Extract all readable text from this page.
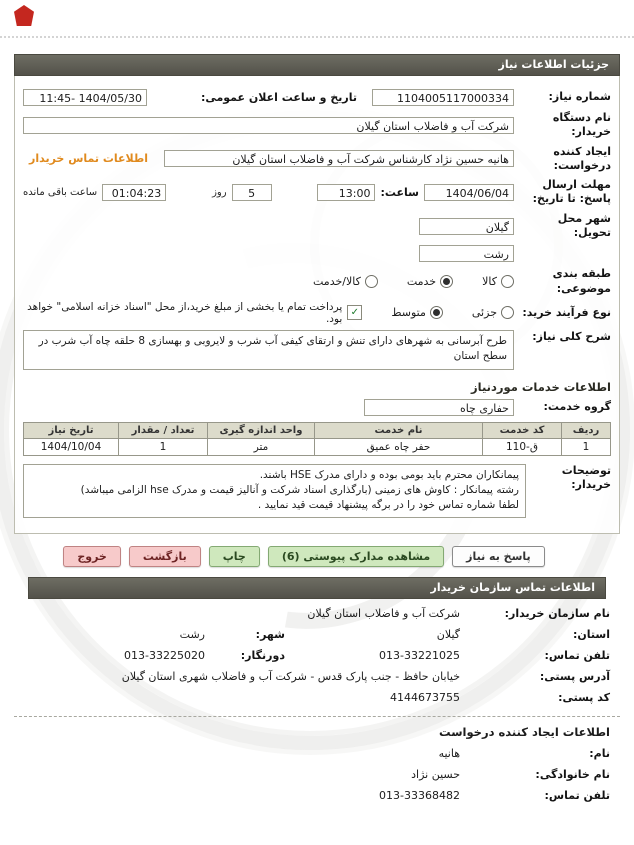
جزئیات اطلاعات نیاز
شماره نیاز:
1104005117000334
تاریخ و ساعت اعلان عمومی:
1404/05/30 -11:45
نام دستگاه خریدار:
شرکت آب و فاضلاب استان گیلان
ایجاد کننده درخواست:
هانیه حسین نژاد کارشناس شرکت آب و فاضلاب استان گیلان
اطلاعات تماس خریدار
مهلت ارسال پاسخ: تا تاریخ:
1404/06/04
ساعت:
13:00
5
روز
01:04:23
ساعت باقی مانده
شهر محل تحویل:
گیلان
رشت
طبقه بندی موضوعی:
کالا
خدمت
کالا/خدمت
نوع فرآیند خرید:
جزئی
متوسط
✓
پرداخت تمام یا بخشی از مبلغ خرید،از محل "اسناد خزانه اسلامی" خواهد بود.
شرح کلی نیاز:
طرح آبرسانی به شهرهای دارای تنش و ارتقای کیفی آب شرب و لایروبی و بهسازی 8 حلقه چاه آب شرب در سطح استان
اطلاعات خدمات موردنیاز
گروه خدمت:
حفاری چاه
ردیف	کد خدمت	نام خدمت	واحد اندازه گیری	تعداد / مقدار	تاریخ نیاز
1	ق-110	حفر چاه عمیق	متر	1	1404/10/04
توضیحات خریدار:
پیمانکاران محترم باید بومی بوده و دارای مدرک HSE باشند.
رشته پیمانکار : کاوش های زمینی (بارگذاری اسناد شرکت و آنالیز قیمت و مدرک hse الزامی میباشد)
لطفا شماره تماس خود را در برگه پیشنهاد قیمت قید نمایید .
پاسخ به نیاز
مشاهده مدارک پیوستی (6)
چاپ
بازگشت
خروج
اطلاعات تماس سازمان خریدار
نام سازمان خریدار:
شرکت آب و فاضلاب استان گیلان
استان:
گیلان
شهر:
رشت
تلفن تماس:
013-33221025
دورنگار:
013-33225020
آدرس پستی:
خیابان حافظ - جنب پارک قدس - شرکت آب و فاضلاب شهری استان گیلان
کد پستی:
4144673755
اطلاعات ایجاد کننده درخواست
نام:
هانیه
نام خانوادگی:
حسین نژاد
تلفن تماس:
013-33368482
